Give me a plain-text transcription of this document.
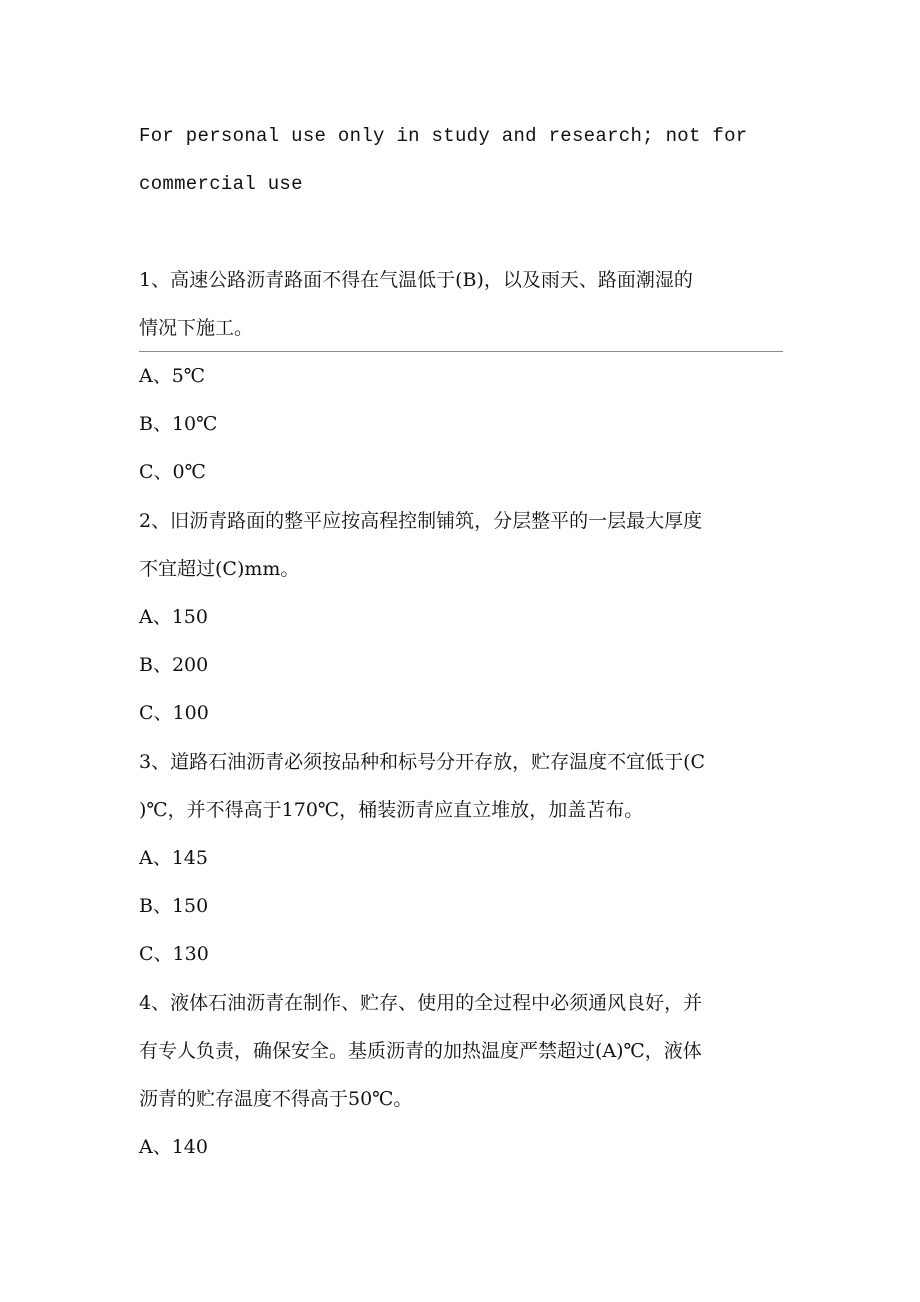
For personal use only in study and research; not for

commercial use

1、高速公路沥青路面不得在气温低于(B)，以及雨天、路面潮湿的

情况下施工。

A、5℃

B、10℃

C、0℃

2、旧沥青路面的整平应按高程控制铺筑，分层整平的一层最大厚度

不宜超过(C)mm。

A、150

B、200

C、100

3、道路石油沥青必须按品种和标号分开存放，贮存温度不宜低于(C

)℃，并不得高于170℃，桶装沥青应直立堆放，加盖苫布。

A、145

B、150

C、130

4、液体石油沥青在制作、贮存、使用的全过程中必须通风良好，并

有专人负责，确保安全。基质沥青的加热温度严禁超过(A)℃，液体

沥青的贮存温度不得高于50℃。

A、140
